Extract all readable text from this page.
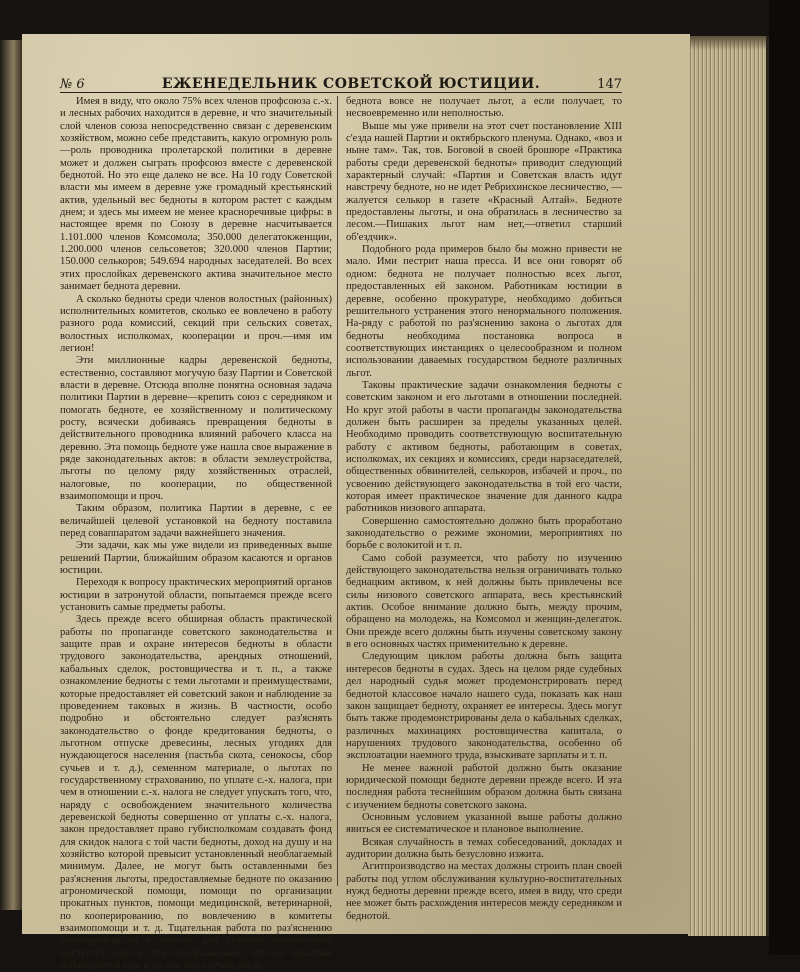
№ 6	ЕЖЕНЕДЕЛЬНИК СОВЕТСКОЙ ЮСТИЦИИ.	147

Имея в виду, что около 75% всех членов профсоюза с.-х. и лесных рабочих находится в деревне, и что значительный слой членов союза непосредственно связан с деревенским хозяйством, можно себе представить, какую огромную роль—роль проводника пролетарской политики в деревне может и должен сыграть профсоюз вместе с деревенской беднотой. Но это еще далеко не все. На 10 году Советской власти мы имеем в деревне уже громадный крестьянский актив, удельный вес бедноты в котором растет с каждым днем; и здесь мы имеем не менее красноречивые цифры: в настоящее время по Союзу в деревне насчитывается 1.101.000 членов Комсомола; 350.000 делегатокженщин, 1.200.000 членов сельсоветов; 320.000 членов Партии; 150.000 селькоров; 549.694 народных заседателей. Во всех этих прослойках деревенского актива значительное место занимает беднота деревни.

А сколько бедноты среди членов волостных (районных) исполнительных комитетов, сколько ее вовлечено в работу разного рода комиссий, секций при сельских советах, волостных исполкомах, кооперации и проч.—имя им легион!

Эти миллионные кадры деревенской бедноты, естественно, составляют могучую базу Партии и Советской власти в деревне. Отсюда вполне понятна основная задача политики Партии в деревне—крепить союз с середняком и помогать бедноте, ее хозяйственному и политическому росту, всячески добиваясь превращения бедноты в действительного проводника влияний рабочего класса на деревню. Эта помощь бедноте уже нашла свое выражение в ряде законодательных актов: в области землеустройства, льготы по целому ряду хозяйственных отраслей, налоговые, по кооперации, по общественной взаимопомощи и проч.

Таким образом, политика Партии в деревне, с ее величайшей целевой установкой на бедноту поставила перед соваппаратом задачи важнейшего значения.

Эти задачи, как мы уже видели из приведенных выше решений Партии, ближайшим образом касаются и органов юстиции.

Переходя к вопросу практических мероприятий органов юстиции в затронутой области, попытаемся прежде всего установить самые предметы работы.

Здесь прежде всего обширная область практической работы по пропаганде советского законодательства и защите прав и охране интересов бедноты в области трудового законодательства, арендных отношений, кабальных сделок, ростовщичества и т. п., а также ознакомление бедноты с теми льготами и преимуществами, которые предоставляет ей советский закон и наблюдение за проведением таковых в жизнь. В частности, особо подробно и обстоятельно следует раз'яснять законодательство о фонде кредитования бедноты, о льготном отпуске древесины, лесных угодиях для нуждающегося населения (пастьба скота, сенокосы, сбор сучьев и т. д.), семенном материале, о льготах по государственному страхованию, по уплате с.-х. налога, при чем в отношении с.-х. налога не следует упускать того, что, наряду с освобождением значительного количества деревенской бедноты совершенно от уплаты с.-х. налога, закон предоставляет право губисполкомам создавать фонд для скидок налога с той части бедноты, доход на душу и на хозяйство которой превысит установленный необлагаемый минимум. Далее, не могут быть оставленными без раз'яснения льготы, предоставляемые бедноте по оказанию агрономической помощи, помощи по организации прокатных пунктов, помощи медицинской, ветеринарной, по кооперированию, по вовлечению в комитеты взаимопомощи и т. д. Тщательная работа по раз'яснению законодательства о льготах для бедноты настоятельно диктуется еще и тем соображением, что на практике наблюдаются еще и до сих пор случаи, когда

беднота вовсе не получает льгот, а если получает, то несвоевременно или неполностью.

Выше мы уже привели на этот счет постановление XIII с'езда нашей Партии и октябрьского пленума. Однако, «воз и ныне там». Так, тов. Боговой в своей брошюре «Практика работы среди деревенской бедноты» приводит следующий характерный случай: «Партия и Советская власть идут навстречу бедноте, но не идет Ребрихинское лесничество, — жалуется селькор в газете «Красный Алтай». Бедноте предоставлены льготы, и она обратилась в лесничество за лесом.—Пишаких льгот нам нет,—ответил старший об'ездчик».

Подобного рода примеров было бы можно привести не мало. Ими пестрит наша пресса. И все они говорят об одном: беднота не получает полностью всех льгот, предоставленных ей законом. Работникам юстиции в деревне, особенно прокуратуре, необходимо добиться решительного устранения этого ненормального положения. На-ряду с работой по раз'яснению закона о льготах для бедноты необходима постановка вопроса в соответствующих инстанциях о целесообразном и полном использовании даваемых государством бедноте различных льгот.

Таковы практические задачи ознакомления бедноты с советским законом и его льготами в отношении последней. Но круг этой работы в части пропаганды законодательства должен быть расширен за пределы указанных целей. Необходимо проводить соответствующую воспитательную работу с активом бедноты, работающим в советах, исполкомах, их секциях и комиссиях, среди нарзаседателей, общественных обвинителей, селькоров, избачей и проч., по усвоению действующего законодательства в той его части, которая имеет практическое значение для данного кадра работников низового аппарата.

Совершенно самостоятельно должно быть проработано законодательство о режиме экономии, мероприятиях по борьбе с волокитой и т. п.

Само собой разумеется, что работу по изучению действующего законодательства нельзя ограничивать только беднацким активом, к ней должны быть привлечены все силы низового советского аппарата, весь крестьянский актив. Особое внимание должно быть, между прочим, обращено на молодежь, на Комсомол и женщин-делегаток. Они прежде всего должны быть изучены советскому закону в его основных частях применительно к деревне.

Следующим циклом работы должна быть защита интересов бедноты в судах. Здесь на целом ряде судебных дел народный судья может продемонстрировать перед беднотой классовое начало нашего суда, показать как наш закон защищает бедноту, охраняет ее интересы. Здесь могут быть также продемонстрированы дела о кабальных сделках, различных махинациях ростовщичества капитала, о нарушениях трудового законодательства, особенно об эксплоатации наемного труда, взыскивате зарплаты и т. п.

Не менее важной работой должно быть оказание юридической помощи бедноте деревни прежде всего. И эта последняя работа теснейшим образом должна быть связана с изучением бедноты советского закона.

Основным условием указанной выше работы должно явиться ее систематическое и плановое выполнение.

Всякая случайность в темах собеседований, докладах и аудитории должна быть безусловно изжита.

Агитпроизводство на местах должны строить план своей работы под углом обслуживания культурно-воспитательных нужд бедноты деревни прежде всего, имея в виду, что среди нее может быть расхождения интересов между середняком и беднотой.
